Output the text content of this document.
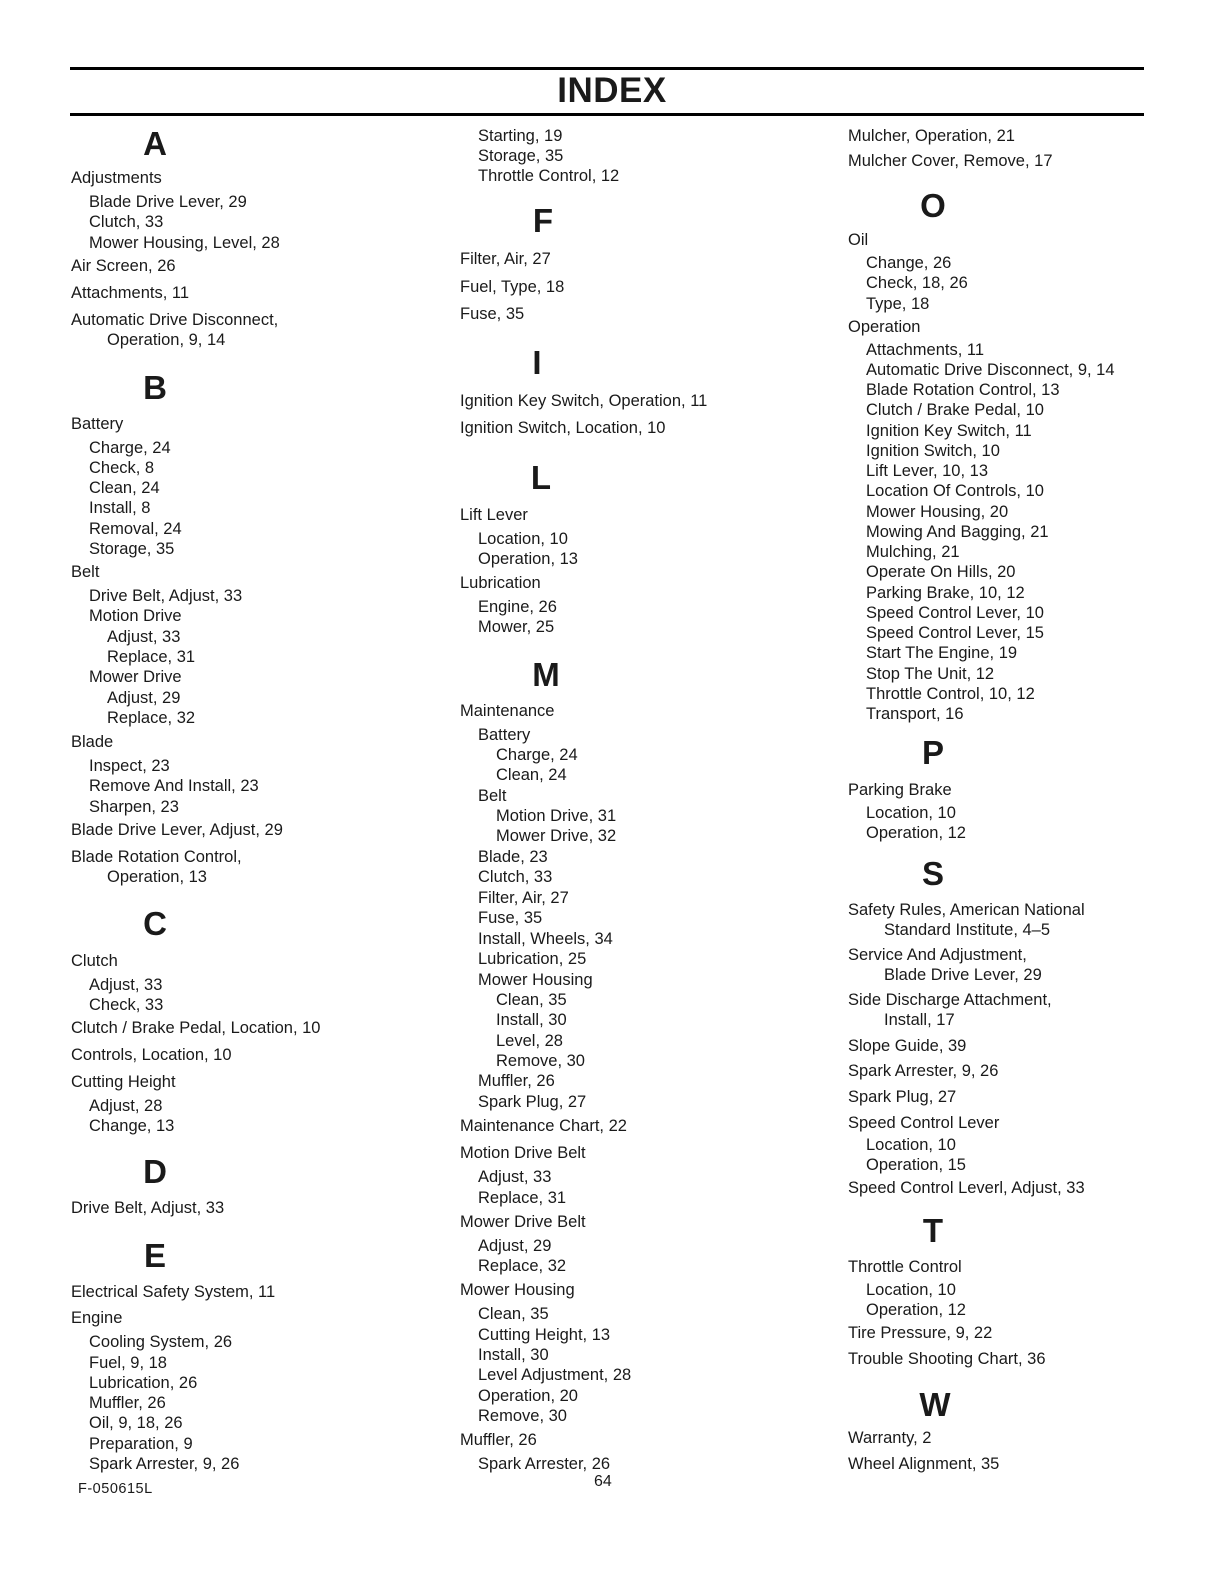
INDEX
A
Adjustments
Blade Drive Lever, 29
Clutch, 33
Mower Housing, Level, 28
Air Screen, 26
Attachments, 11
Automatic Drive Disconnect,
Operation, 9, 14
B
Battery
Charge, 24
Check, 8
Clean, 24
Install, 8
Removal, 24
Storage, 35
Belt
Drive Belt, Adjust, 33
Motion Drive
Adjust, 33
Replace, 31
Mower Drive
Adjust, 29
Replace, 32
Blade
Inspect, 23
Remove And Install, 23
Sharpen, 23
Blade Drive Lever, Adjust, 29
Blade Rotation Control,
Operation, 13
C
Clutch
Adjust, 33
Check, 33
Clutch / Brake Pedal, Location, 10
Controls, Location, 10
Cutting Height
Adjust, 28
Change, 13
D
Drive Belt, Adjust, 33
E
Electrical Safety System, 11
Engine
Cooling System, 26
Fuel, 9, 18
Lubrication, 26
Muffler, 26
Oil, 9, 18, 26
Preparation, 9
Spark Arrester, 9, 26
Starting, 19
Storage, 35
Throttle Control, 12
F
Filter, Air, 27
Fuel, Type, 18
Fuse, 35
I
Ignition Key Switch, Operation, 11
Ignition Switch, Location, 10
L
Lift Lever
Location, 10
Operation, 13
Lubrication
Engine, 26
Mower, 25
M
Maintenance
Battery
Charge, 24
Clean, 24
Belt
Motion Drive, 31
Mower Drive, 32
Blade, 23
Clutch, 33
Filter, Air, 27
Fuse, 35
Install, Wheels, 34
Lubrication, 25
Mower Housing
Clean, 35
Install, 30
Level, 28
Remove, 30
Muffler, 26
Spark Plug, 27
Maintenance Chart, 22
Motion Drive Belt
Adjust, 33
Replace, 31
Mower Drive Belt
Adjust, 29
Replace, 32
Mower Housing
Clean, 35
Cutting Height, 13
Install, 30
Level Adjustment, 28
Operation, 20
Remove, 30
Muffler, 26
Spark Arrester, 26
Mulcher, Operation, 21
Mulcher Cover, Remove, 17
O
Oil
Change, 26
Check, 18, 26
Type, 18
Operation
Attachments, 11
Automatic Drive Disconnect, 9, 14
Blade Rotation Control, 13
Clutch / Brake Pedal, 10
Ignition Key Switch, 11
Ignition Switch, 10
Lift Lever, 10, 13
Location Of Controls, 10
Mower Housing, 20
Mowing And Bagging, 21
Mulching, 21
Operate On Hills, 20
Parking Brake, 10, 12
Speed Control Lever, 10
Speed Control Lever, 15
Start The Engine, 19
Stop The Unit, 12
Throttle Control, 10, 12
Transport, 16
P
Parking Brake
Location, 10
Operation, 12
S
Safety Rules, American National
Standard Institute, 4–5
Service And Adjustment,
Blade Drive Lever, 29
Side Discharge Attachment,
Install, 17
Slope Guide, 39
Spark Arrester, 9, 26
Spark Plug, 27
Speed Control Lever
Location, 10
Operation, 15
Speed Control Leverl, Adjust, 33
T
Throttle Control
Location, 10
Operation, 12
Tire Pressure, 9, 22
Trouble Shooting Chart, 36
W
Warranty, 2
Wheel Alignment, 35
F-050615L	64
